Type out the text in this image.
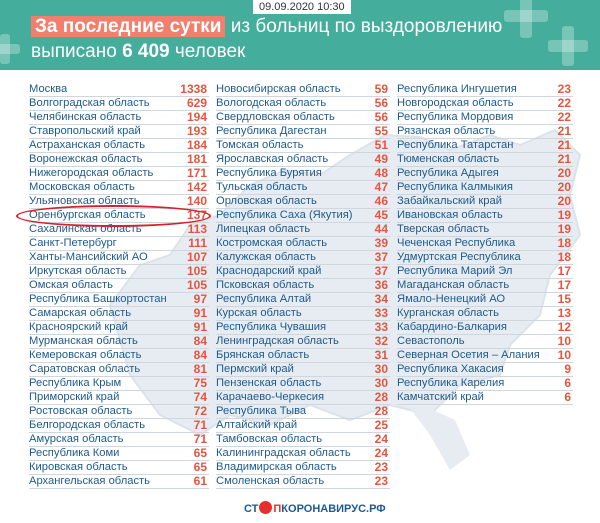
09.09.2020 10:30
За последние сутки из больниц по выздоровлению
выписано 6 409 человек
Москва	1338
Волгоградская область	629
Челябинская область	194
Ставропольский край	193
Астраханская область	184
Воронежская область	181
Нижегородская область	171
Московская область	142
Ульяновская область	140
Оренбургская область	137
Сахалинская область	113
Санкт-Петербург	111
Ханты-Мансийский АО	107
Иркутская область	105
Омская область	105
Республика Башкортостан 97
Самарская область	91
Красноярский край	91
Мурманская область	84
Кемеровская область	84
Саратовская область	81
Республика Крым	75
Приморский край	74
Ростовская область	72
Белгородская область	71
Амурская область	71
Республика Коми	65
Кировская область	65
Архангельская область	61
Новосибирская область	59
Вологодская область	56
Свердловская область	56
Республика Дагестан	55
Томская область	51
Ярославская область	49
Республика Бурятия	48
Тульская область	47
Орловская область	46
Республика Саха (Якутия) 45
Липецкая область	44
Костромская область	39
Калужская область	37
Краснодарский край	37
Псковская область	36
Республика Алтай	34
Курская область	33
Республика Чувашия	33
Ленинградская область	32
Брянская область	31
Пермский край	30
Пензенская область	30
Карачаево-Черкесия	28
Республика Тыва	28
Алтайский край	25
Тамбовская область	24
Калининградская область 24
Владимирская область	23
Смоленская область	23
Республика Ингушетия	23
Новгородская область	22
Республика Мордовия	22
Рязанская область	21
Республика Татарстан	21
Тюменская область	21
Республика Адыгея	20
Республика Калмыкия	20
Забайкальский край	20
Ивановская область	19
Тверская область	19
Чеченская Республика	18
Удмуртская Республика	18
Республика Марий Эл	17
Магаданская область	17
Ямало-Ненецкий АО	15
Курганская область	13
Кабардино-Балкария	12
Севастополь	10
Северная Осетия – Алания 10
Республика Хакасия	9
Республика Карелия	6
Камчатский край	6
СТ ПКОРОНАВИРУС.РФ
